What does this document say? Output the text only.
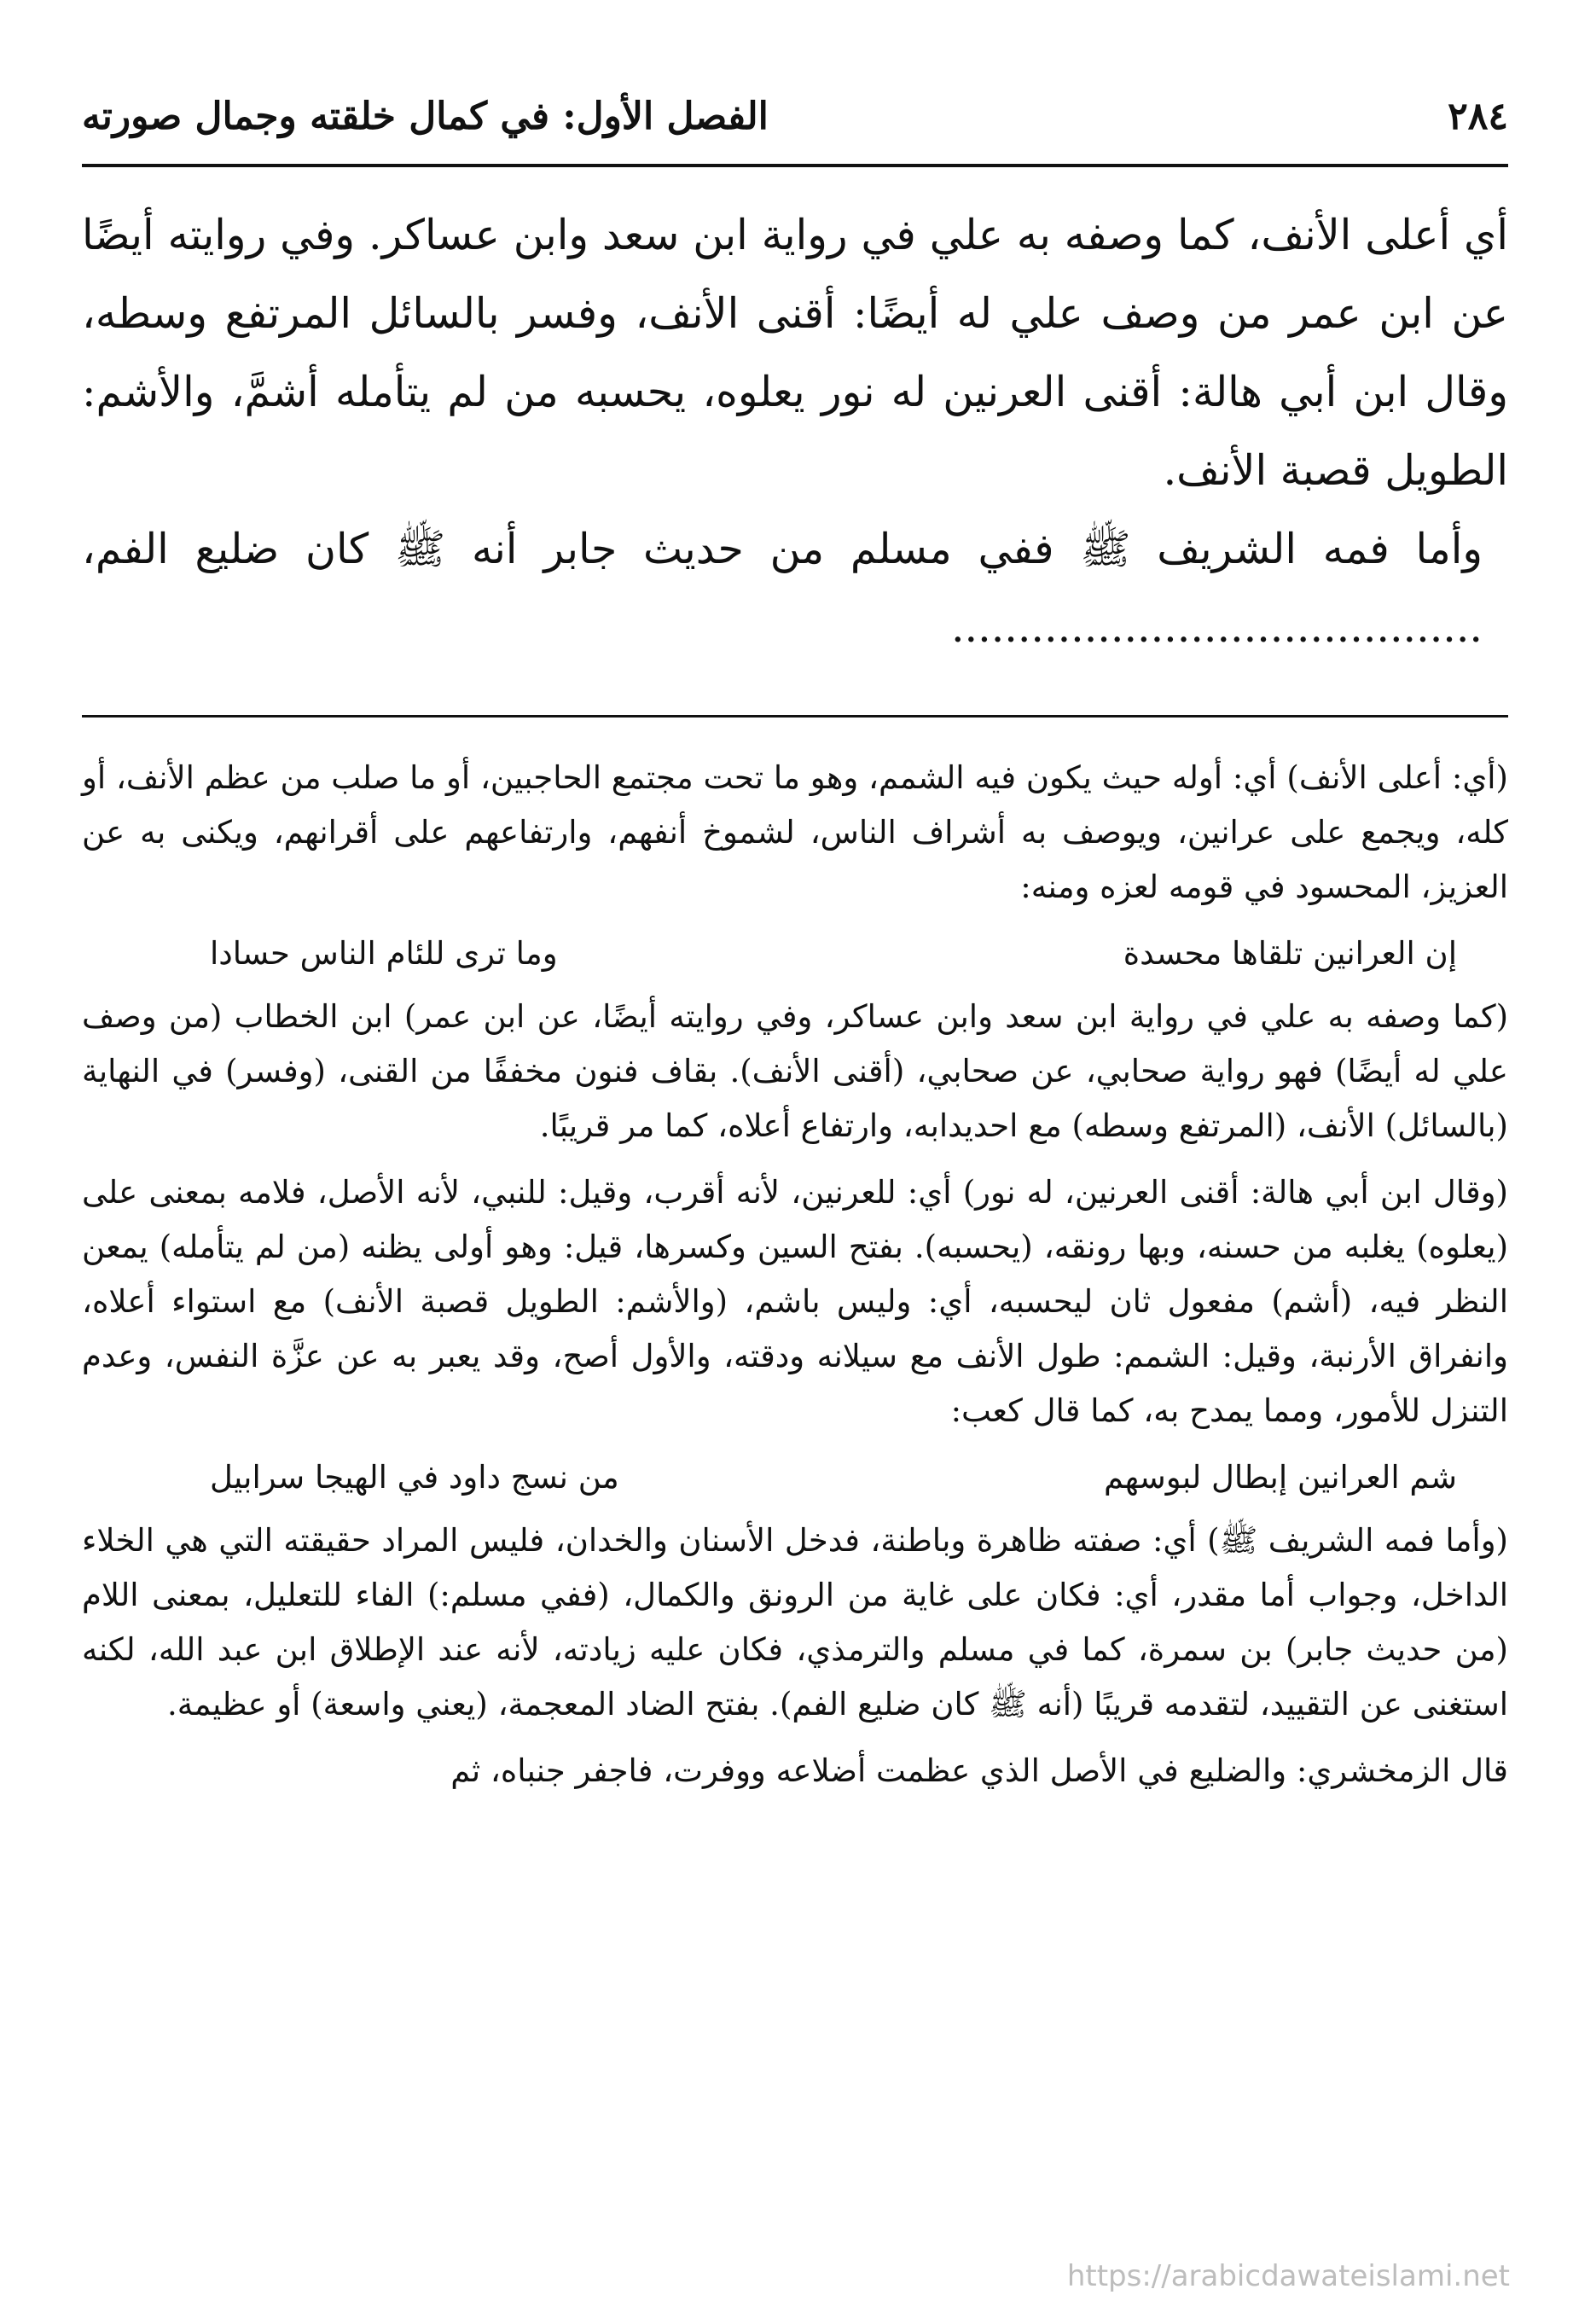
٢٨٤
الفصل الأول: في كمال خلقته وجمال صورته

أي أعلى الأنف، كما وصفه به علي في رواية ابن سعد وابن عساكر. وفي روايته أيضًا عن ابن عمر من وصف علي له أيضًا: أقنى الأنف، وفسر بالسائل المرتفع وسطه، وقال ابن أبي هالة: أقنى العرنين له نور يعلوه، يحسبه من لم يتأمله أشمَّ، والأشم: الطويل قصبة الأنف.

وأما فمه الشريف ﷺ ففي مسلم من حديث جابر أنه ﷺ كان ضليع الفم، ........................................

(أي: أعلى الأنف) أي: أوله حيث يكون فيه الشمم، وهو ما تحت مجتمع الحاجبين، أو ما صلب من عظم الأنف، أو كله، ويجمع على عرانين، ويوصف به أشراف الناس، لشموخ أنفهم، وارتفاعهم على أقرانهم، ويكنى به عن العزيز، المحسود في قومه لعزه ومنه:

إن العرانين تلقاها محسدة
وما ترى للئام الناس حسادا

(كما وصفه به علي في رواية ابن سعد وابن عساكر، وفي روايته أيضًا، عن ابن عمر) ابن الخطاب (من وصف علي له أيضًا) فهو رواية صحابي، عن صحابي، (أقنى الأنف). بقاف فنون مخففًا من القنى، (وفسر) في النهاية (بالسائل) الأنف، (المرتفع وسطه) مع احديدابه، وارتفاع أعلاه، كما مر قريبًا.

(وقال ابن أبي هالة: أقنى العرنين، له نور) أي: للعرنين، لأنه أقرب، وقيل: للنبي، لأنه الأصل، فلامه بمعنى على (يعلوه) يغلبه من حسنه، وبها رونقه، (يحسبه). بفتح السين وكسرها، قيل: وهو أولى يظنه (من لم يتأمله) يمعن النظر فيه، (أشم) مفعول ثان ليحسبه، أي: وليس باشم، (والأشم: الطويل قصبة الأنف) مع استواء أعلاه، وانفراق الأرنبة، وقيل: الشمم: طول الأنف مع سيلانه ودقته، والأول أصح، وقد يعبر به عن عزَّة النفس، وعدم التنزل للأمور، ومما يمدح به، كما قال كعب:

شم العرانين إبطال لبوسهم
من نسج داود في الهيجا سرابيل

(وأما فمه الشريف ﷺ) أي: صفته ظاهرة وباطنة، فدخل الأسنان والخدان، فليس المراد حقيقته التي هي الخلاء الداخل، وجواب أما مقدر، أي: فكان على غاية من الرونق والكمال، (ففي مسلم:) الفاء للتعليل، بمعنى اللام (من حديث جابر) بن سمرة، كما في مسلم والترمذي، فكان عليه زيادته، لأنه عند الإطلاق ابن عبد الله، لكنه استغنى عن التقييد، لتقدمه قريبًا (أنه ﷺ كان ضليع الفم). بفتح الضاد المعجمة، (يعني واسعة) أو عظيمة.

قال الزمخشري: والضليع في الأصل الذي عظمت أضلاعه ووفرت، فاجفر جنباه، ثم

https://arabicdawateislami.net
